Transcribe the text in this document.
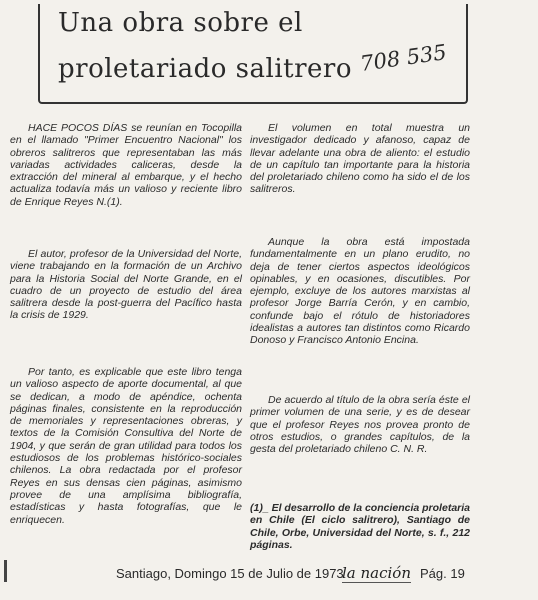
Una obra sobre el
proletariado salitrero 708 535

HACE POCOS DÍAS se reunían en Tocopilla en el llamado "Primer Encuentro Nacional" los obreros salitreros que representaban las más variadas actividades caliceras, desde la extracción del mineral al embarque, y el hecho actualiza todavía más un valioso y reciente libro de Enrique Reyes N.(1).

El autor, profesor de la Universidad del Norte, viene trabajando en la formación de un Archivo para la Historia Social del Norte Grande, en el cuadro de un proyecto de estudio del área salitrera desde la post-guerra del Pacífico hasta la crisis de 1929.

Por tanto, es explicable que este libro tenga un valioso aspecto de aporte documental, al que se dedican, a modo de apéndice, ochenta páginas finales, consistente en la reproducción de memoriales y representaciones obreras, y textos de la Comisión Consultiva del Norte de 1904, y que serán de gran utilidad para todos los estudiosos de los problemas histórico-sociales chilenos. La obra redactada por el profesor Reyes en sus densas cien páginas, asimismo provee de una amplísima bibliografía, estadísticas y hasta fotografías, que le enriquecen.

El volumen en total muestra un investigador dedicado y afanoso, capaz de llevar adelante una obra de aliento: el estudio de un capítulo tan importante para la historia del proletariado chileno como ha sido el de los salitreros.

Aunque la obra está impostada fundamentalmente en un plano erudito, no deja de tener ciertos aspectos ideológicos opinables, y en ocasiones, discutibles. Por ejemplo, excluye de los autores marxistas al profesor Jorge Barría Cerón, y en cambio, confunde bajo el rótulo de historiadores idealistas a autores tan distintos como Ricardo Donoso y Francisco Antonio Encina.

De acuerdo al título de la obra sería éste el primer volumen de una serie, y es de desear que el profesor Reyes nos provea pronto de otros estudios, o grandes capítulos, de la gesta del proletariado chileno C. N. R.

(1)_ El desarrollo de la conciencia proletaria en Chile (El ciclo salitrero), Santiago de Chile, Orbe, Universidad del Norte, s. f., 212 páginas.

Santiago, Domingo 15 de Julio de 1973
la nación Pág. 19
